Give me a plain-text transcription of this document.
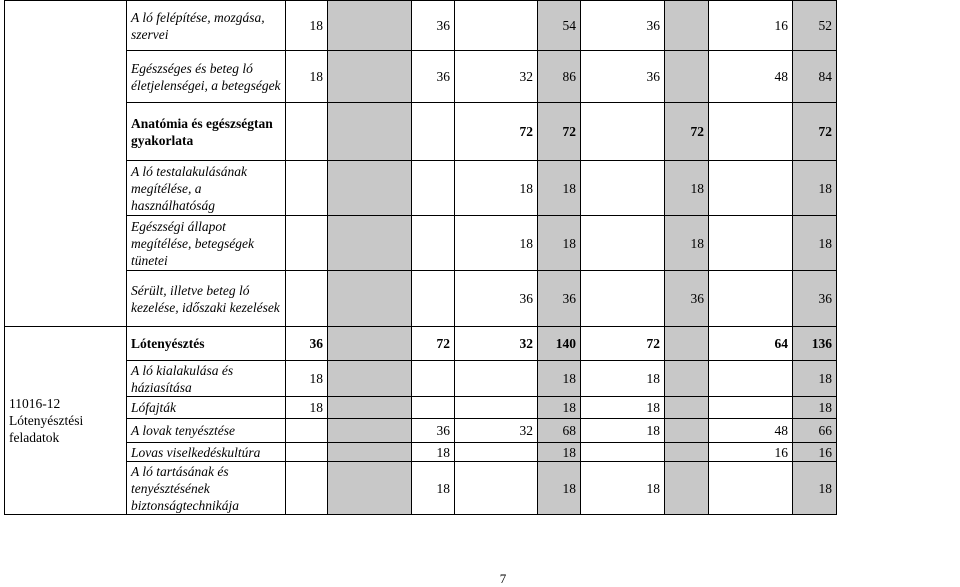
	A ló felépítése, mozgása, szervei	18		36		54	36		16	52
	Egészséges és beteg ló életjelenségei, a betegségek	18		36	32	86	36		48	84
	Anatómia és egészségtan gyakorlata				72	72		72		72
	A ló testalakulásának megítélése, a használhatóság				18	18		18		18
	Egészségi állapot megítélése, betegségek tünetei				18	18		18		18
	Sérült, illetve beteg ló kezelése, időszaki kezelések				36	36		36		36

11016-12
Lótenyésztési feladatok	Lótenyésztés	36		72	32	140	72		64	136
	A ló kialakulása és háziasítása	18				18	18			18
	Lófajták	18				18	18			18
	A lovak tenyésztése			36	32	68	18		48	66
	Lovas viselkedéskultúra			18		18			16	16
	A ló tartásának és tenyésztésének biztonságtechnikája			18		18	18			18
7
